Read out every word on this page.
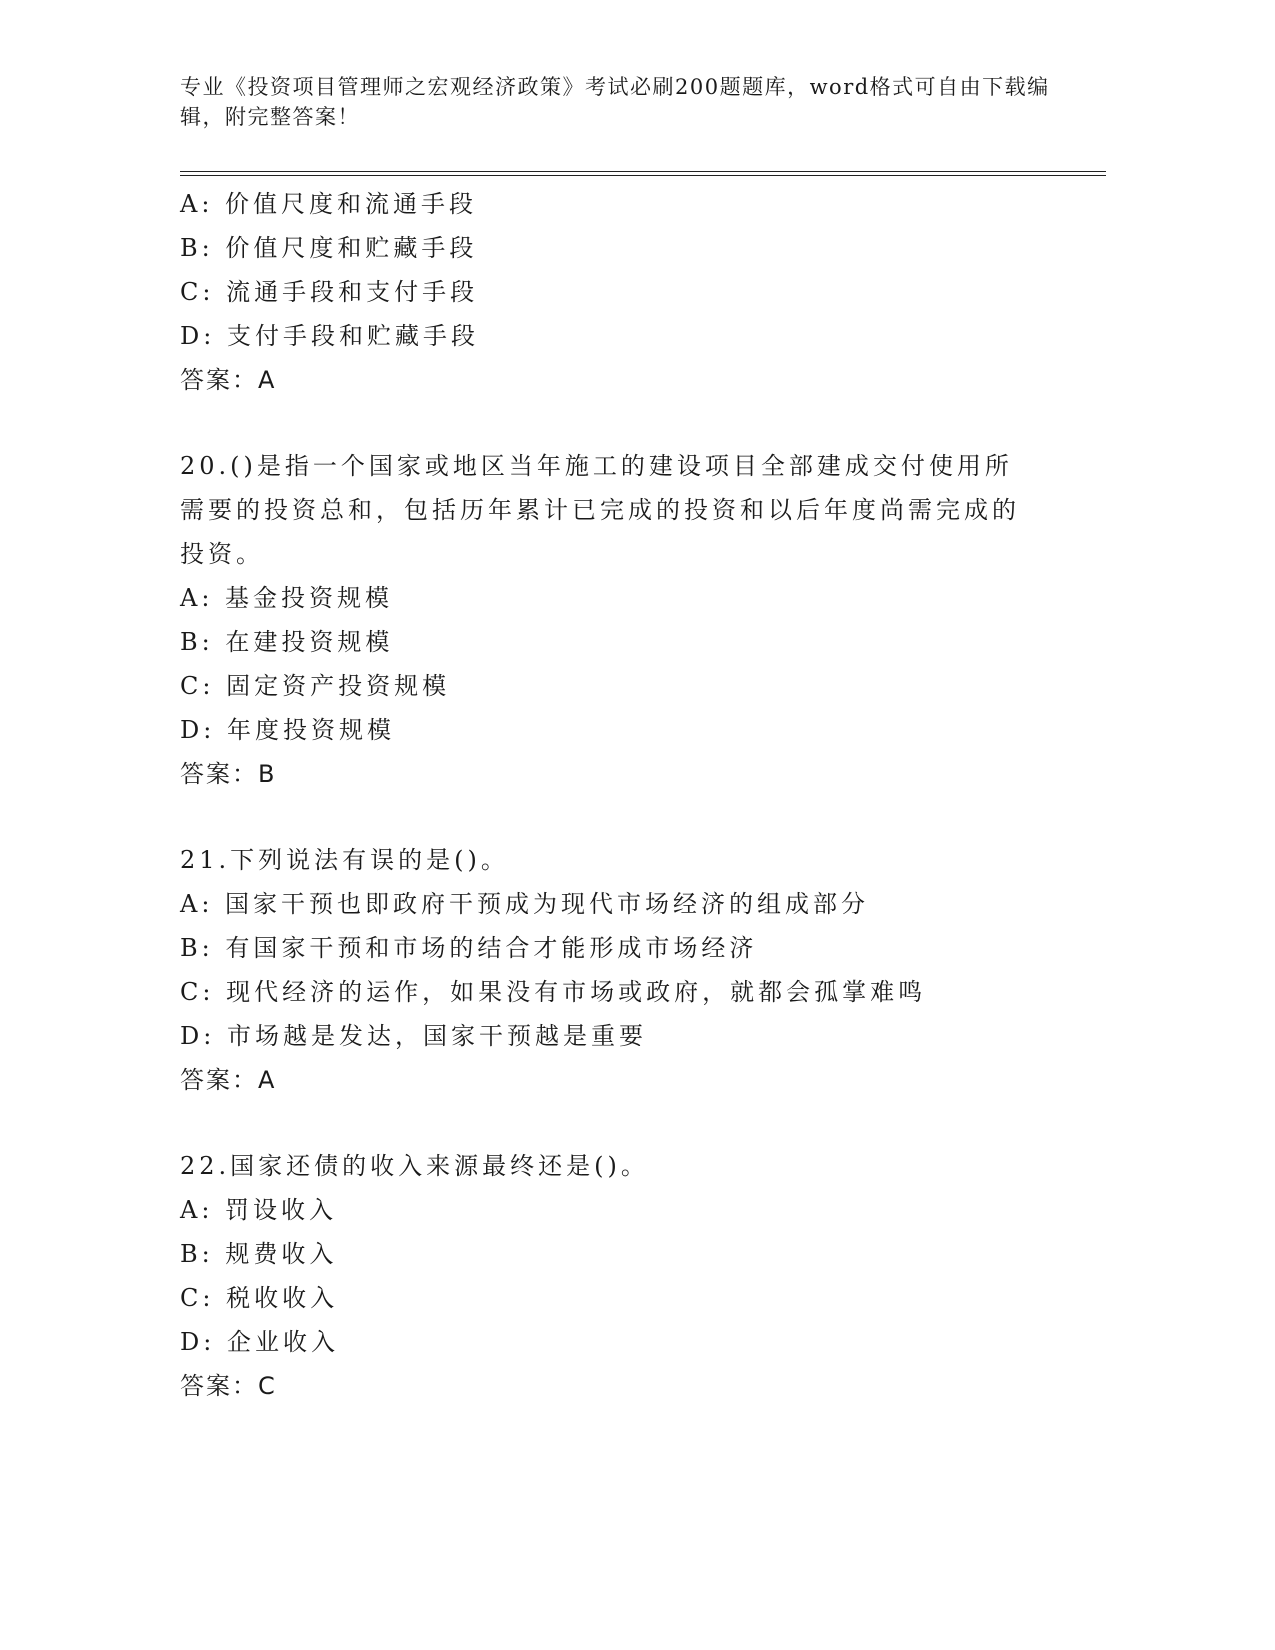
专业《投资项目管理师之宏观经济政策》考试必刷200题题库，word格式可自由下载编辑，附完整答案！
A: 价值尺度和流通手段
B: 价值尺度和贮藏手段
C: 流通手段和支付手段
D: 支付手段和贮藏手段
答案：A
20.()是指一个国家或地区当年施工的建设项目全部建成交付使用所需要的投资总和，包括历年累计已完成的投资和以后年度尚需完成的投资。
A: 基金投资规模
B: 在建投资规模
C: 固定资产投资规模
D: 年度投资规模
答案：B
21.下列说法有误的是()。
A: 国家干预也即政府干预成为现代市场经济的组成部分
B: 有国家干预和市场的结合才能形成市场经济
C: 现代经济的运作，如果没有市场或政府，就都会孤掌难鸣
D: 市场越是发达，国家干预越是重要
答案：A
22.国家还债的收入来源最终还是()。
A: 罚设收入
B: 规费收入
C: 税收收入
D: 企业收入
答案：C
